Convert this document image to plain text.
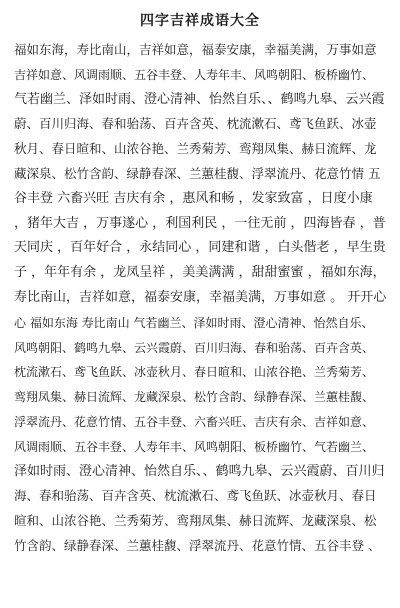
四字吉祥成语大全
福如东海，寿比南山，吉祥如意，福泰安康，幸福美满，万事如意
吉祥如意、风调雨顺、五谷丰登、人寿年丰、风鸣朝阳、板桥幽竹、
气若幽兰、泽如时雨、澄心清神、怡然自乐、、鹤鸣九皋、云兴霞
蔚、百川归海、春和骀荡、百卉含英、枕流漱石、鸢飞鱼跃、冰壶
秋月、春日暄和、山浓谷艳、兰秀菊芳、鸾翔凤集、赫日流辉、龙
藏深泉、松竹含韵、绿静春深、兰蕙桂馥、浮翠流丹、花意竹情 五
谷丰登 六畜兴旺 吉庆有余 ，惠风和畅 ，发家致富 ，日度小康
，猪年大吉 ，万事遂心 ，利国利民 ，一往无前 ，四海皆春 ，普
天同庆 ，百年好合 ，永结同心 ，同建和谐 ，白头偕老 ，早生贵
子 ，年年有余 ，龙凤呈祥 ，美美满满 ，甜甜蜜蜜 ，福如东海，
寿比南山，吉祥如意，福泰安康，幸福美满，万事如意 。 开开心
心 福如东海 寿比南山 气若幽兰、泽如时雨、澄心清神、怡然自乐、
风鸣朝阳、鹤鸣九皋、云兴霞蔚、百川归海、春和骀荡、百卉含英、
枕流漱石、鸢飞鱼跃、冰壶秋月、春日暄和、山浓谷艳、兰秀菊芳、
鸾翔凤集、赫日流辉、龙藏深泉、松竹含韵、绿静春深、兰蕙桂馥、
浮翠流丹、花意竹情、五谷丰登、六畜兴旺、吉庆有余、吉祥如意、
风调雨顺、五谷丰登、人寿年丰、风鸣朝阳、板桥幽竹、气若幽兰、
泽如时雨、澄心清神、怡然自乐、、鹤鸣九皋、云兴霞蔚、百川归
海、春和骀荡、百卉含英、枕流漱石、鸢飞鱼跃、冰壶秋月、春日
暄和、山浓谷艳、兰秀菊芳、鸾翔凤集、赫日流辉、龙藏深泉、松
竹含韵、绿静春深、兰蕙桂馥、浮翠流丹、花意竹情、五谷丰登 、
